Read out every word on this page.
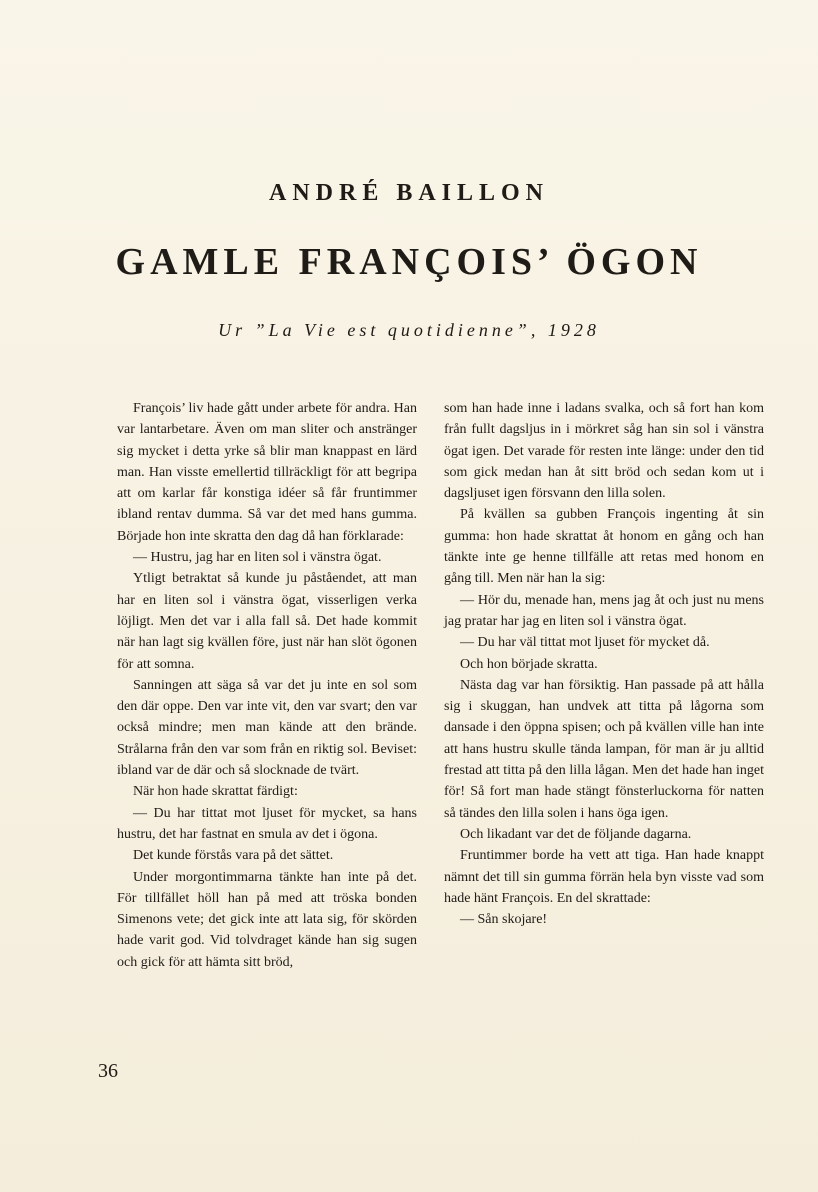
ANDRÉ BAILLON
GAMLE FRANÇOIS’ ÖGON
Ur ”La Vie est quotidienne”, 1928

François’ liv hade gått under arbete för andra. Han var lantarbetare. Även om man sliter och anstränger sig mycket i detta yrke så blir man knappast en lärd man. Han visste emellertid tillräckligt för att begripa att om karlar får konstiga idéer så får fruntimmer ibland rentav dumma. Så var det med hans gumma. Började hon inte skratta den dag då han förklarade:

— Hustru, jag har en liten sol i vänstra ögat.

Ytligt betraktat så kunde ju påståendet, att man har en liten sol i vänstra ögat, visserligen verka löjligt. Men det var i alla fall så. Det hade kommit när han lagt sig kvällen före, just när han slöt ögonen för att somna.

Sanningen att säga så var det ju inte en sol som den där oppe. Den var inte vit, den var svart; den var också mindre; men man kände att den brände. Strålarna från den var som från en riktig sol. Beviset: ibland var de där och så slocknade de tvärt.

När hon hade skrattat färdigt:

— Du har tittat mot ljuset för mycket, sa hans hustru, det har fastnat en smula av det i ögona.

Det kunde förstås vara på det sättet.

Under morgontimmarna tänkte han inte på det. För tillfället höll han på med att tröska bonden Simenons vete; det gick inte att lata sig, för skörden hade varit god. Vid tolvdraget kände han sig sugen och gick för att hämta sitt bröd,

som han hade inne i ladans svalka, och så fort han kom från fullt dagsljus in i mörkret såg han sin sol i vänstra ögat igen. Det varade för resten inte länge: under den tid som gick medan han åt sitt bröd och sedan kom ut i dagsljuset igen försvann den lilla solen.

På kvällen sa gubben François ingenting åt sin gumma: hon hade skrattat åt honom en gång och han tänkte inte ge henne tillfälle att retas med honom en gång till. Men när han la sig:

— Hör du, menade han, mens jag åt och just nu mens jag pratar har jag en liten sol i vänstra ögat.

— Du har väl tittat mot ljuset för mycket då.

Och hon började skratta.

Nästa dag var han försiktig. Han passade på att hålla sig i skuggan, han undvek att titta på lågorna som dansade i den öppna spisen; och på kvällen ville han inte att hans hustru skulle tända lampan, för man är ju alltid frestad att titta på den lilla lågan. Men det hade han inget för! Så fort man hade stängt fönsterluckorna för natten så tändes den lilla solen i hans öga igen.

Och likadant var det de följande dagarna.

Fruntimmer borde ha vett att tiga. Han hade knappt nämnt det till sin gumma förrän hela byn visste vad som hade hänt François. En del skrattade:

— Sån skojare!

36
